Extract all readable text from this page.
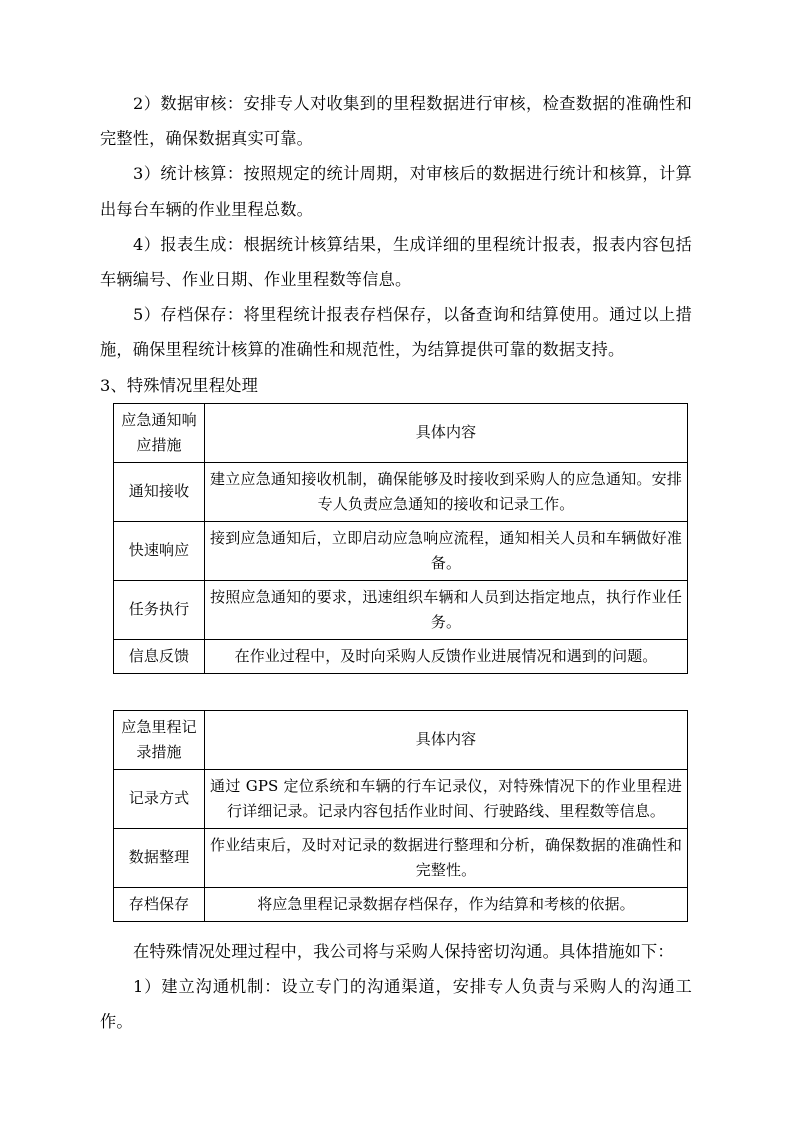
2）数据审核：安排专人对收集到的里程数据进行审核，检查数据的准确性和完整性，确保数据真实可靠。

3）统计核算：按照规定的统计周期，对审核后的数据进行统计和核算，计算出每台车辆的作业里程总数。

4）报表生成：根据统计核算结果，生成详细的里程统计报表，报表内容包括车辆编号、作业日期、作业里程数等信息。

5）存档保存：将里程统计报表存档保存，以备查询和结算使用。通过以上措施，确保里程统计核算的准确性和规范性，为结算提供可靠的数据支持。

3、特殊情况里程处理

应急通知响应措施	具体内容
通知接收	建立应急通知接收机制，确保能够及时接收到采购人的应急通知。安排专人负责应急通知的接收和记录工作。
快速响应	接到应急通知后，立即启动应急响应流程，通知相关人员和车辆做好准备。
任务执行	按照应急通知的要求，迅速组织车辆和人员到达指定地点，执行作业任务。
信息反馈	在作业过程中，及时向采购人反馈作业进展情况和遇到的问题。
应急里程记录措施	具体内容
记录方式	通过 GPS 定位系统和车辆的行车记录仪，对特殊情况下的作业里程进行详细记录。记录内容包括作业时间、行驶路线、里程数等信息。
数据整理	作业结束后，及时对记录的数据进行整理和分析，确保数据的准确性和完整性。
存档保存	将应急里程记录数据存档保存，作为结算和考核的依据。

在特殊情况处理过程中，我公司将与采购人保持密切沟通。具体措施如下：

1）建立沟通机制：设立专门的沟通渠道，安排专人负责与采购人的沟通工作。
